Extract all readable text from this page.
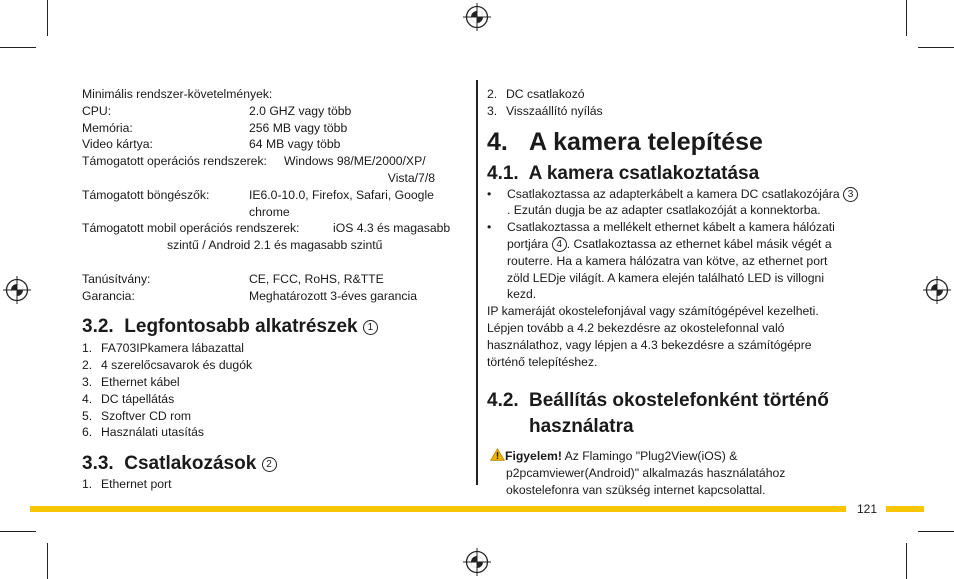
Minimális rendszer-követelmények:
CPU:	2.0 GHZ vagy több
Memória:	256 MB vagy több
Video kártya:	64 MB vagy több
Támogatott operációs rendszerek: Windows 98/ME/2000/XP/
Vista/7/8
Támogatott böngészők:	IE6.0-10.0, Firefox, Safari, Google
chrome
Támogatott mobil operációs rendszerek:	iOS 4.3 és magasabb
szintű / Android 2.1 és magasabb szintű
Tanúsítvány:	CE, FCC, RoHS, R&TTE
Garancia:	Meghatározott 3-éves garancia
3.2. Legfontosabb alkatrészek 1
1. FA703IPkamera lábazattal
2. 4 szerelőcsavarok és dugók
3. Ethernet kábel
4. DC tápellátás
5. Szoftver CD rom
6. Használati utasítás
3.3. Csatlakozások 2
1. Ethernet port
2. DC csatlakozó
3. Visszaállító nyílás
4. A kamera telepítése
4.1. A kamera csatlakoztatása
• Csatlakoztassa az adapterkábelt a kamera DC csatlakozójára 3
. Ezután dugja be az adapter csatlakozóját a konnektorba.
• Csatlakoztassa a mellékelt ethernet kábelt a kamera hálózati
portjára 4 . Csatlakoztassa az ethernet kábel másik végét a
routerre. Ha a kamera hálózatra van kötve, az ethernet port
zöld LEDje világít. A kamera elején található LED is villogni
kezd.
IP kameráját okostelefonjával vagy számítógépével kezelheti.
Lépjen tovább a 4.2 bekezdésre az okostelefonnal való
használathoz, vagy lépjen a 4.3 bekezdésre a számítógépre
történő telepítéshez.
4.2. Beállítás okostelefonként történő
használatra
Figyelem! Az Flamingo "Plug2View(iOS) &
p2pcamviewer(Android)" alkalmazás használatához
okostelefonra van szükség internet kapcsolattal.
121
